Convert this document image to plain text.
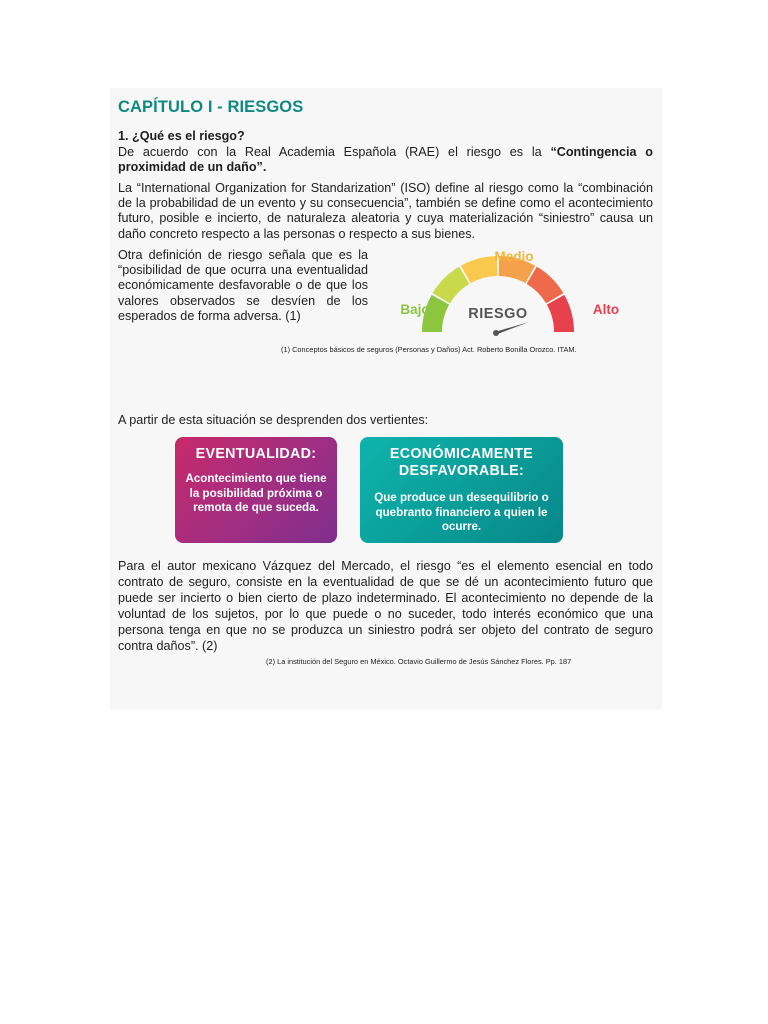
CAPÍTULO I - RIESGOS
1. ¿Qué es el riesgo?

De acuerdo con la Real Academia Española (RAE) el riesgo es la “Contingencia o proximidad de un daño”.

La “International Organization for Standarization” (ISO) define al riesgo como la “combinación de la probabilidad de un evento y su consecuencia”, también se define como el acontecimiento futuro, posible e incierto, de naturaleza aleatoria y cuya materialización “siniestro” causa un daño concreto respecto a las personas o respecto a sus bienes.

Otra definición de riesgo señala que es la “posibilidad de que ocurra una eventualidad económicamente desfavorable o de que los valores observados se desvíen de los esperados de forma adversa. (1)

Medio
Bajo	Alto
RIESGO
(1) Conceptos básicos de seguros (Personas y Daños) Act. Roberto Bonilla Orozco. ITAM.

A partir de esta situación se desprenden dos vertientes:

EVENTUALIDAD:
Acontecimiento que tiene la posibilidad próxima o remota de que suceda.
ECONÓMICAMENTE DESFAVORABLE:
Que produce un desequilibrio o quebranto financiero a quien le ocurre.

Para el autor mexicano Vázquez del Mercado, el riesgo “es el elemento esencial en todo contrato de seguro, consiste en la eventualidad de que se dé un acontecimiento futuro que puede ser incierto o bien cierto de plazo indeterminado. El acontecimiento no depende de la voluntad de los sujetos, por lo que puede o no suceder, todo interés económico que una persona tenga en que no se produzca un siniestro podrá ser objeto del contrato de seguro contra daños”. (2)

(2) La institución del Seguro en México. Octavio Guillermo de Jesús Sánchez Flores. Pp. 187
